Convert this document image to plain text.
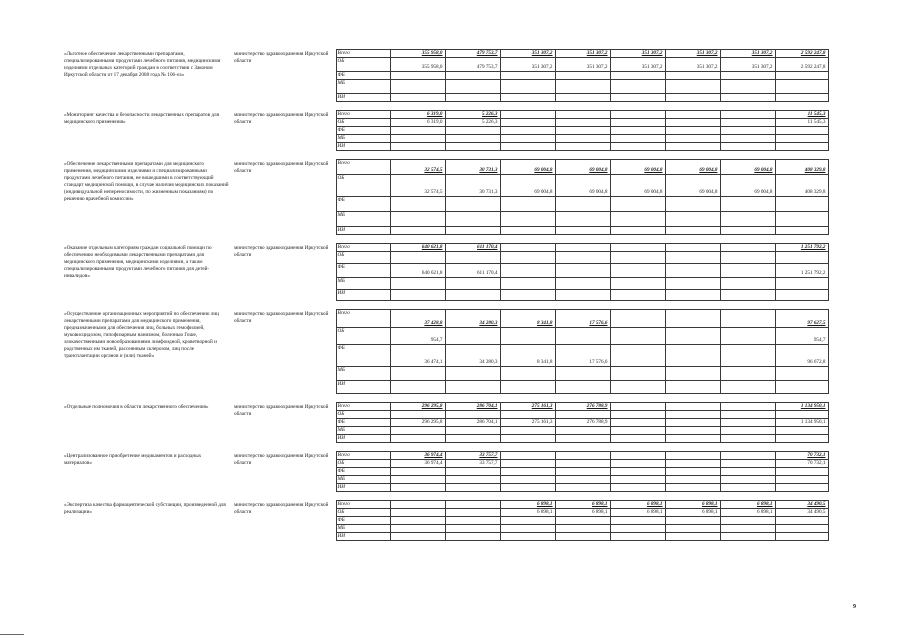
«Льготное обеспечение лекарственными препаратами, специализированными продуктами лечебного питания, медицинскими изделиями отдельных категорий граждан в соответствии с Законом Иркутской области от 17 декабря 2008 года № 106-оз»	министерство здравоохранения Иркутской области	Всего	355 958,0	479 753,7	351 307,2	351 307,2	351 307,2	351 307,2	351 307,2	2 592 247,8
		ОБ	355 958,0	479 753,7	351 307,2	351 307,2	351 307,2	351 307,2	351 307,2	2 592 247,8
		ФБ								
		МБ								
		ИИ								

«Мониторинг качества и безопасности лекарственных препаратов для медицинского применения»	министерство здравоохранения Иркутской области	Всего	6 319,0	5 226,3						11 545,3
		ОБ	6 319,0	5 226,3						11 545,3
		ФБ								
		МБ								
		ИИ								

«Обеспечение лекарственными препаратами для медицинского применения, медицинскими изделиями и специализированными продуктами лечебного питания, не вошедшими в соответствующий стандарт медицинской помощи, в случае наличия медицинских показаний (индивидуальной непереносимости, по жизненным показаниям) по решению врачебной комиссии»	министерство здравоохранения Иркутской области	Всего	32 574,5	30 731,3	69 004,8	69 004,8	69 004,8	69 004,8	69 004,8	408 329,8
		ОБ	32 574,5	30 731,3	69 004,8	69 004,8	69 004,8	69 004,8	69 004,8	408 329,8
		ФБ								
		МБ								
		ИИ								

«Оказание отдельным категориям граждан социальной помощи по обеспечению необходимыми лекарственными препаратами для медицинского применения, медицинскими изделиями, а также специализированными продуктами лечебного питания для детей-инвалидов»	министерство здравоохранения Иркутской области	Всего	640 621,8	611 170,4						1 251 792,2
		ОБ								
		ФБ	640 621,8	611 170,4						1 251 792,2
		МБ								
		ИИ								

«Осуществление организационных мероприятий по обеспечению лиц лекарственными препаратами для медицинского применения, предназначенными для обеспечения лиц, больных гемофилией, муковисцидозом, гипофизарным нанизмом, болезнью Гоше, злокачественными новообразованиями лимфоидной, кроветворной и родственных им тканей, рассеянным склерозом, лиц после трансплантации органов и (или) тканей»	министерство здравоохранения Иркутской области	Всего	37 428,8	34 280,3	8 341,8	17 576,6				97 627,5
		ОБ	954,7							954,7
		ФБ	36 474,1	34 280,3	8 341,8	17 576,6				96 672,8
		МБ								
		ИИ								

«Отдельные полномочия в области лекарственного обеспечения»	министерство здравоохранения Иркутской области	Всего	296 295,8	286 704,1	275 161,3	276 788,9				1 134 950,1
		ОБ								
		ФБ	296 295,8	286 704,1	275 161,3	276 788,9				1 134 950,1
		МБ								
		ИИ								

«Централизованное приобретение медикаментов и расходных материалов»	министерство здравоохранения Иркутской области	Всего	36 974,4	33 757,7						70 732,1
		ОБ	36 974,4	33 757,7						70 732,1
		ФБ								
		МБ								
		ИИ								

«Экспертиза качества фармацевтической субстанции, произведенной для реализации»	министерство здравоохранения Иркутской области	Всего			6 898,1	6 898,1	6 898,1	6 898,1	6 898,1	34 490,5
		ОБ			6 898,1	6 898,1	6 898,1	6 898,1	6 898,1	34 490,5
		ФБ								
		МБ								
		ИИ								
9
